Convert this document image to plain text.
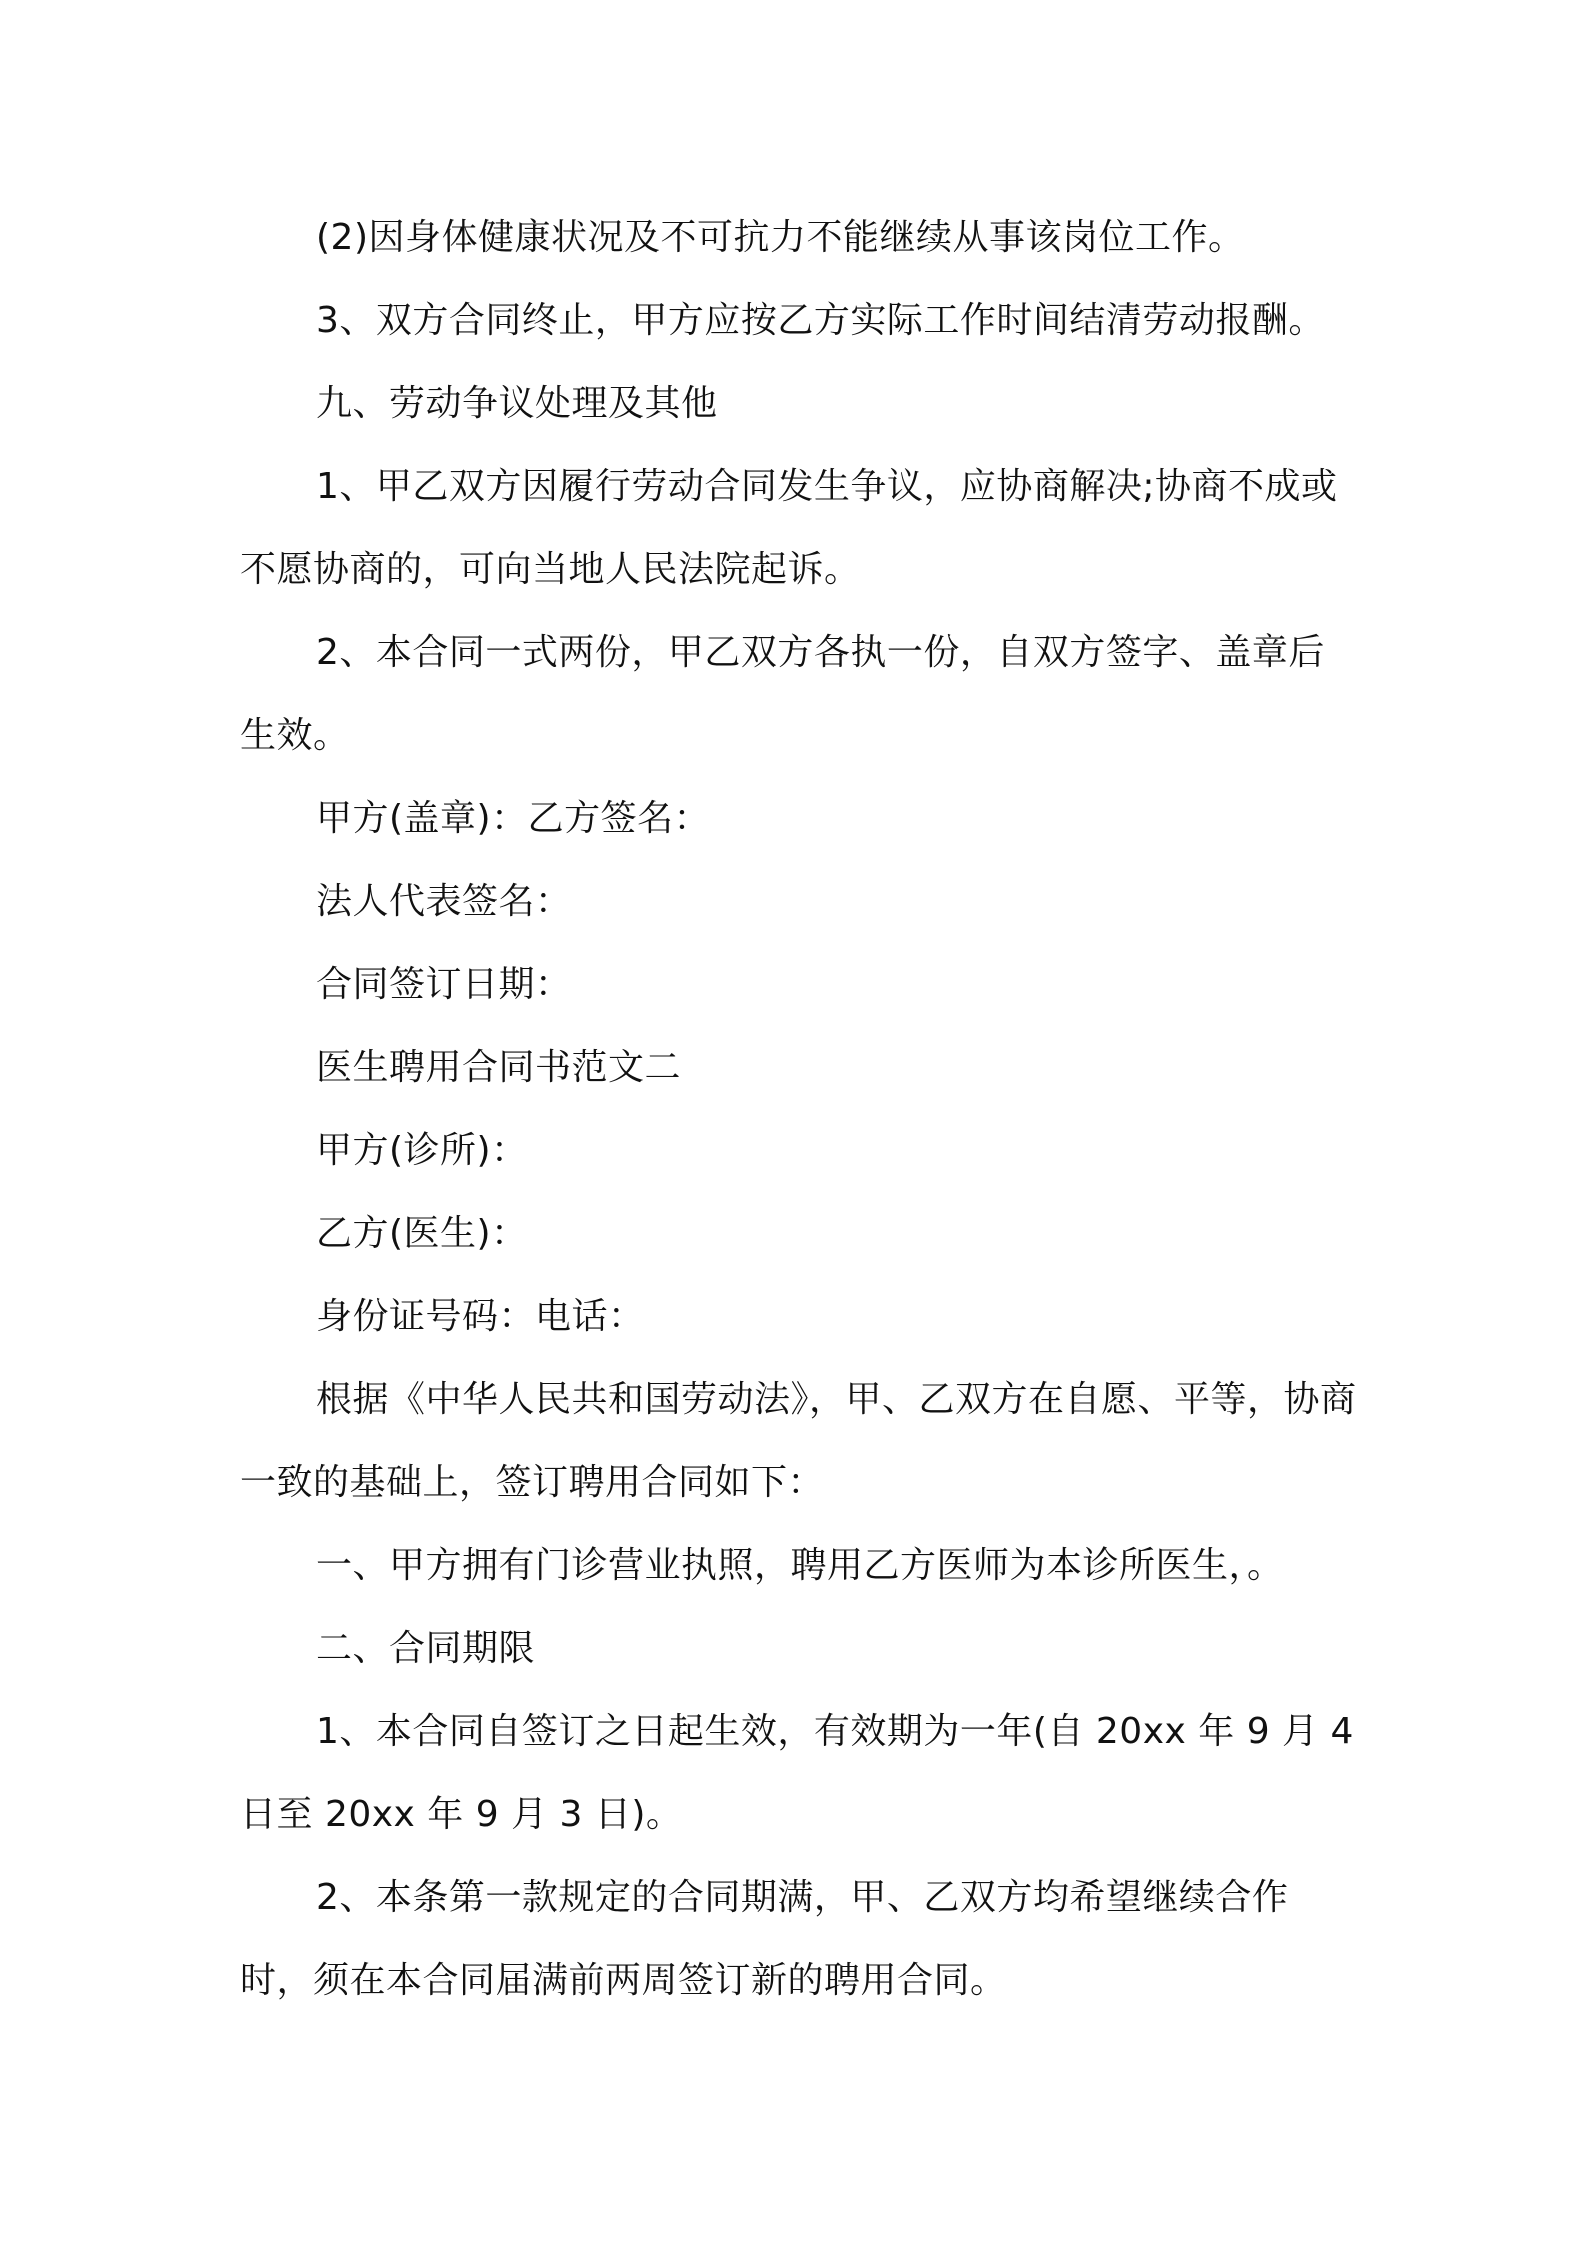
(2)因身体健康状况及不可抗力不能继续从事该岗位工作。

3、双方合同终止，甲方应按乙方实际工作时间结清劳动报酬。

九、劳动争议处理及其他

1、甲乙双方因履行劳动合同发生争议，应协商解决;协商不成或不愿协商的，可向当地人民法院起诉。

2、本合同一式两份，甲乙双方各执一份，自双方签字、盖章后生效。

甲方(盖章)：乙方签名：

法人代表签名：

合同签订日期：

医生聘用合同书范文二

甲方(诊所)：

乙方(医生)：

身份证号码：电话：

根据《中华人民共和国劳动法》，甲、乙双方在自愿、平等，协商一致的基础上，签订聘用合同如下：

一、甲方拥有门诊营业执照，聘用乙方医师为本诊所医生，。

二、合同期限

1、本合同自签订之日起生效，有效期为一年(自 20xx 年 9 月 4 日至 20xx 年 9 月 3 日)。

2、本条第一款规定的合同期满，甲、乙双方均希望继续合作时，须在本合同届满前两周签订新的聘用合同。
